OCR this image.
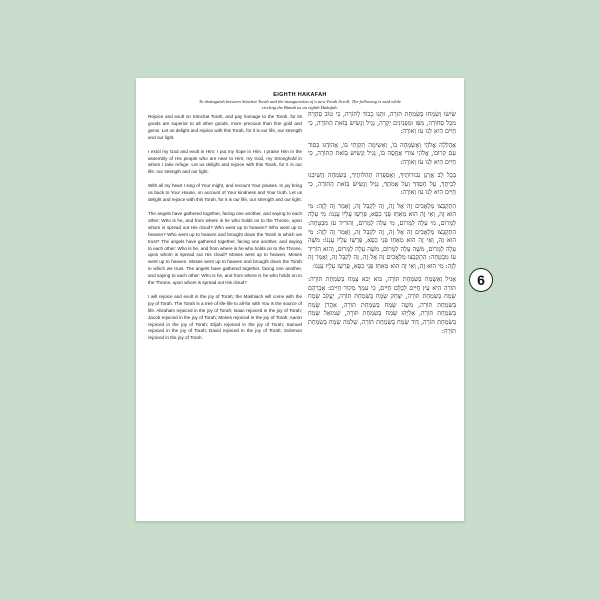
EIGHTH HAKAFAH
To distinguish between Simchat Torah and the inauguration of a new Torah Scroll, The following is said while circling the Bimah as an eighth Hakafah:

Rejoice and exult on Simchat Torah, and pay homage to the Torah, for its goods are superior to all other goods, more precious than fine gold and gems. Let us delight and rejoice with this Torah, for it is our life, our strength and our light.

I extol my God and exult in Him; I put my hope in Him. I praise Him in the assembly of His people who are near to Him; my God, my Stronghold in whom I take refuge. Let us delight and rejoice with this Torah, for it is our life, our strength and our light.

With all my heart I sing of Your might, and recount Your praises. In joy bring us back to Your House, on account of Your kindness and Your truth. Let us delight and rejoice with this Torah, for it is our life, our strength and our light.

The angels have gathered together, facing one another, and saying to each other: Who is he, and from where is he who holds on to the Throne, upon whom is spread out His cloud? Who went up to heaven? Who went up to heaven? Who went up to heaven and brought down the Torah in which we trust? The angels have gathered together, facing one another, and saying to each other: Who is he, and from where is he who holds on to the Throne, upon whom is spread out His cloud? Moses went up to heaven, Moses went up to heaven. Moses went up to heaven and brought down the Torah in which we trust. The angels have gathered together, facing one another, and saying to each other: Who is he, and from where is he who holds on to the Throne, upon whom is spread out His cloud?

I will rejoice and exult in the joy of Torah; the Mashiach will come with the joy of Torah. The Torah is a tree of life-life to all-for with You is the source of life. Abraham rejoiced in the joy of Torah; Isaac rejoiced in the joy of Torah; Jacob rejoiced in the joy of Torah; Moses rejoiced in the joy of Torah; Aaron rejoiced in the joy of Torah; Elijah rejoiced in the joy of Torah; Samuel rejoiced in the joy of Torah; David rejoiced in the joy of Torah; Solomon rejoiced in the joy of Torah.

שִׂישׂוּ וְשִׂמְחוּ בְּשִׂמְחַת תּוֹרָה, וּתְנוּ כָבוֹד לַתּוֹרָה, כִּי טוֹב סַחְרָהּ מִכָּל סְחוֹרָה, מִפָּז וּמִפְּנִינִים יְקָרָה, נָגִיל וְנָשִׂישׂ בְּזֹאת הַתּוֹרָה, כִּי חַיִּים הִיא לָנוּ עֹז וְאוֹרָה:

אֲהַלְלָה אֱלֹהַי וְאֶשְׂמְחָה בוֹ, וְאָשִׂימָה תִקְוָתִי בּוֹ, אֲהוֹדֶנּוּ בְּסוֹד עַם קְרוֹבוֹ, אֱלֹהֵי צוּרִי אֶחֱסֶה בּוֹ, נָגִיל וְנָשִׂישׂ בְּזֹאת הַתּוֹרָה, כִּי חַיִּים הִיא לָנוּ עֹז וְאוֹרָה:

בְּכָל לֵב אֲרַנֵּן גְּבוּרוֹתֶיךָ, וַאֲסַפְּרָה תְהִלּוֹתֶיךָ, בְּשִׂמְחָה הֲשִׁיבֵנוּ לְבֵיתֶךָ, עַל חַסְדְּךָ וְעַל אֲמִתֶּךָ, נָגִיל וְנָשִׂישׂ בְּזֹאת הַתּוֹרָה, כִּי חַיִּים הִיא לָנוּ עֹז וְאוֹרָה:

הִתְקַבְּצוּ מַלְאָכִים זֶה אֶל זֶה, זֶה לְקַבֵּל זֶה, וְאָמַר זֶה לָזֶה: מִי הוּא זֶה, וְאֵי זֶה הוּא מְאַחֵז פְּנֵי כִסֵּא, פַּרְשֵׁז עָלָיו עֲנָנוֹ: מִי עָלָה לַמָּרוֹם, מִי עָלָה לַמָּרוֹם, מִי עָלָה לַמָּרוֹם, וְהוֹרִיד עֹז מִבְטָחָה: הִתְקַבְּצוּ מַלְאָכִים זֶה אֶל זֶה, זֶה לְקַבֵּל זֶה, וְאָמַר זֶה לָזֶה: מִי הוּא זֶה, וְאֵי זֶה הוּא מְאַחֵז פְּנֵי כִסֵּא, פַּרְשֵׁז עָלָיו עֲנָנוֹ: מֹשֶׁה עָלָה לַמָּרוֹם, מֹשֶׁה עָלָה לַמָּרוֹם, מֹשֶׁה עָלָה לַמָּרוֹם, וְהוּא הוֹרִיד עֹז מִבְטָחָה: הִתְקַבְּצוּ מַלְאָכִים זֶה אֶל זֶה, זֶה לְקַבֵּל זֶה, וְאָמַר זֶה לָזֶה: מִי הוּא זֶה, וְאֵי זֶה הוּא מְאַחֵז פְּנֵי כִסֵּא, פַּרְשֵׁז עָלָיו עֲנָנוֹ:

אָגִיל וְאֶשְׂמַח בְּשִׂמְחַת תּוֹרָה, בּוֹא יָבֹא צֶמַח בְּשִׂמְחַת תּוֹרָה: תּוֹרָה הִיא עֵץ חַיִּים לְכֻלָּם חַיִּים, כִּי עִמְּךָ מְקוֹר חַיִּים: אַבְרָהָם שָׂמַח בְּשִׂמְחַת תּוֹרָה, יִצְחָק שָׂמַח בְּשִׂמְחַת תּוֹרָה, יַעֲקֹב שָׂמַח בְּשִׂמְחַת תּוֹרָה, מֹשֶׁה שָׂמַח בְּשִׂמְחַת תּוֹרָה, אַהֲרֹן שָׂמַח בְּשִׂמְחַת תּוֹרָה, אֵלִיָּהוּ שָׂמַח בְּשִׂמְחַת תּוֹרָה, שְׁמוּאֵל שָׂמַח בְּשִׂמְחַת תּוֹרָה, דָּוִד שָׂמַח בְּשִׂמְחַת תּוֹרָה, שְׁלֹמֹה שָׂמַח בְּשִׂמְחַת תּוֹרָה:

6
